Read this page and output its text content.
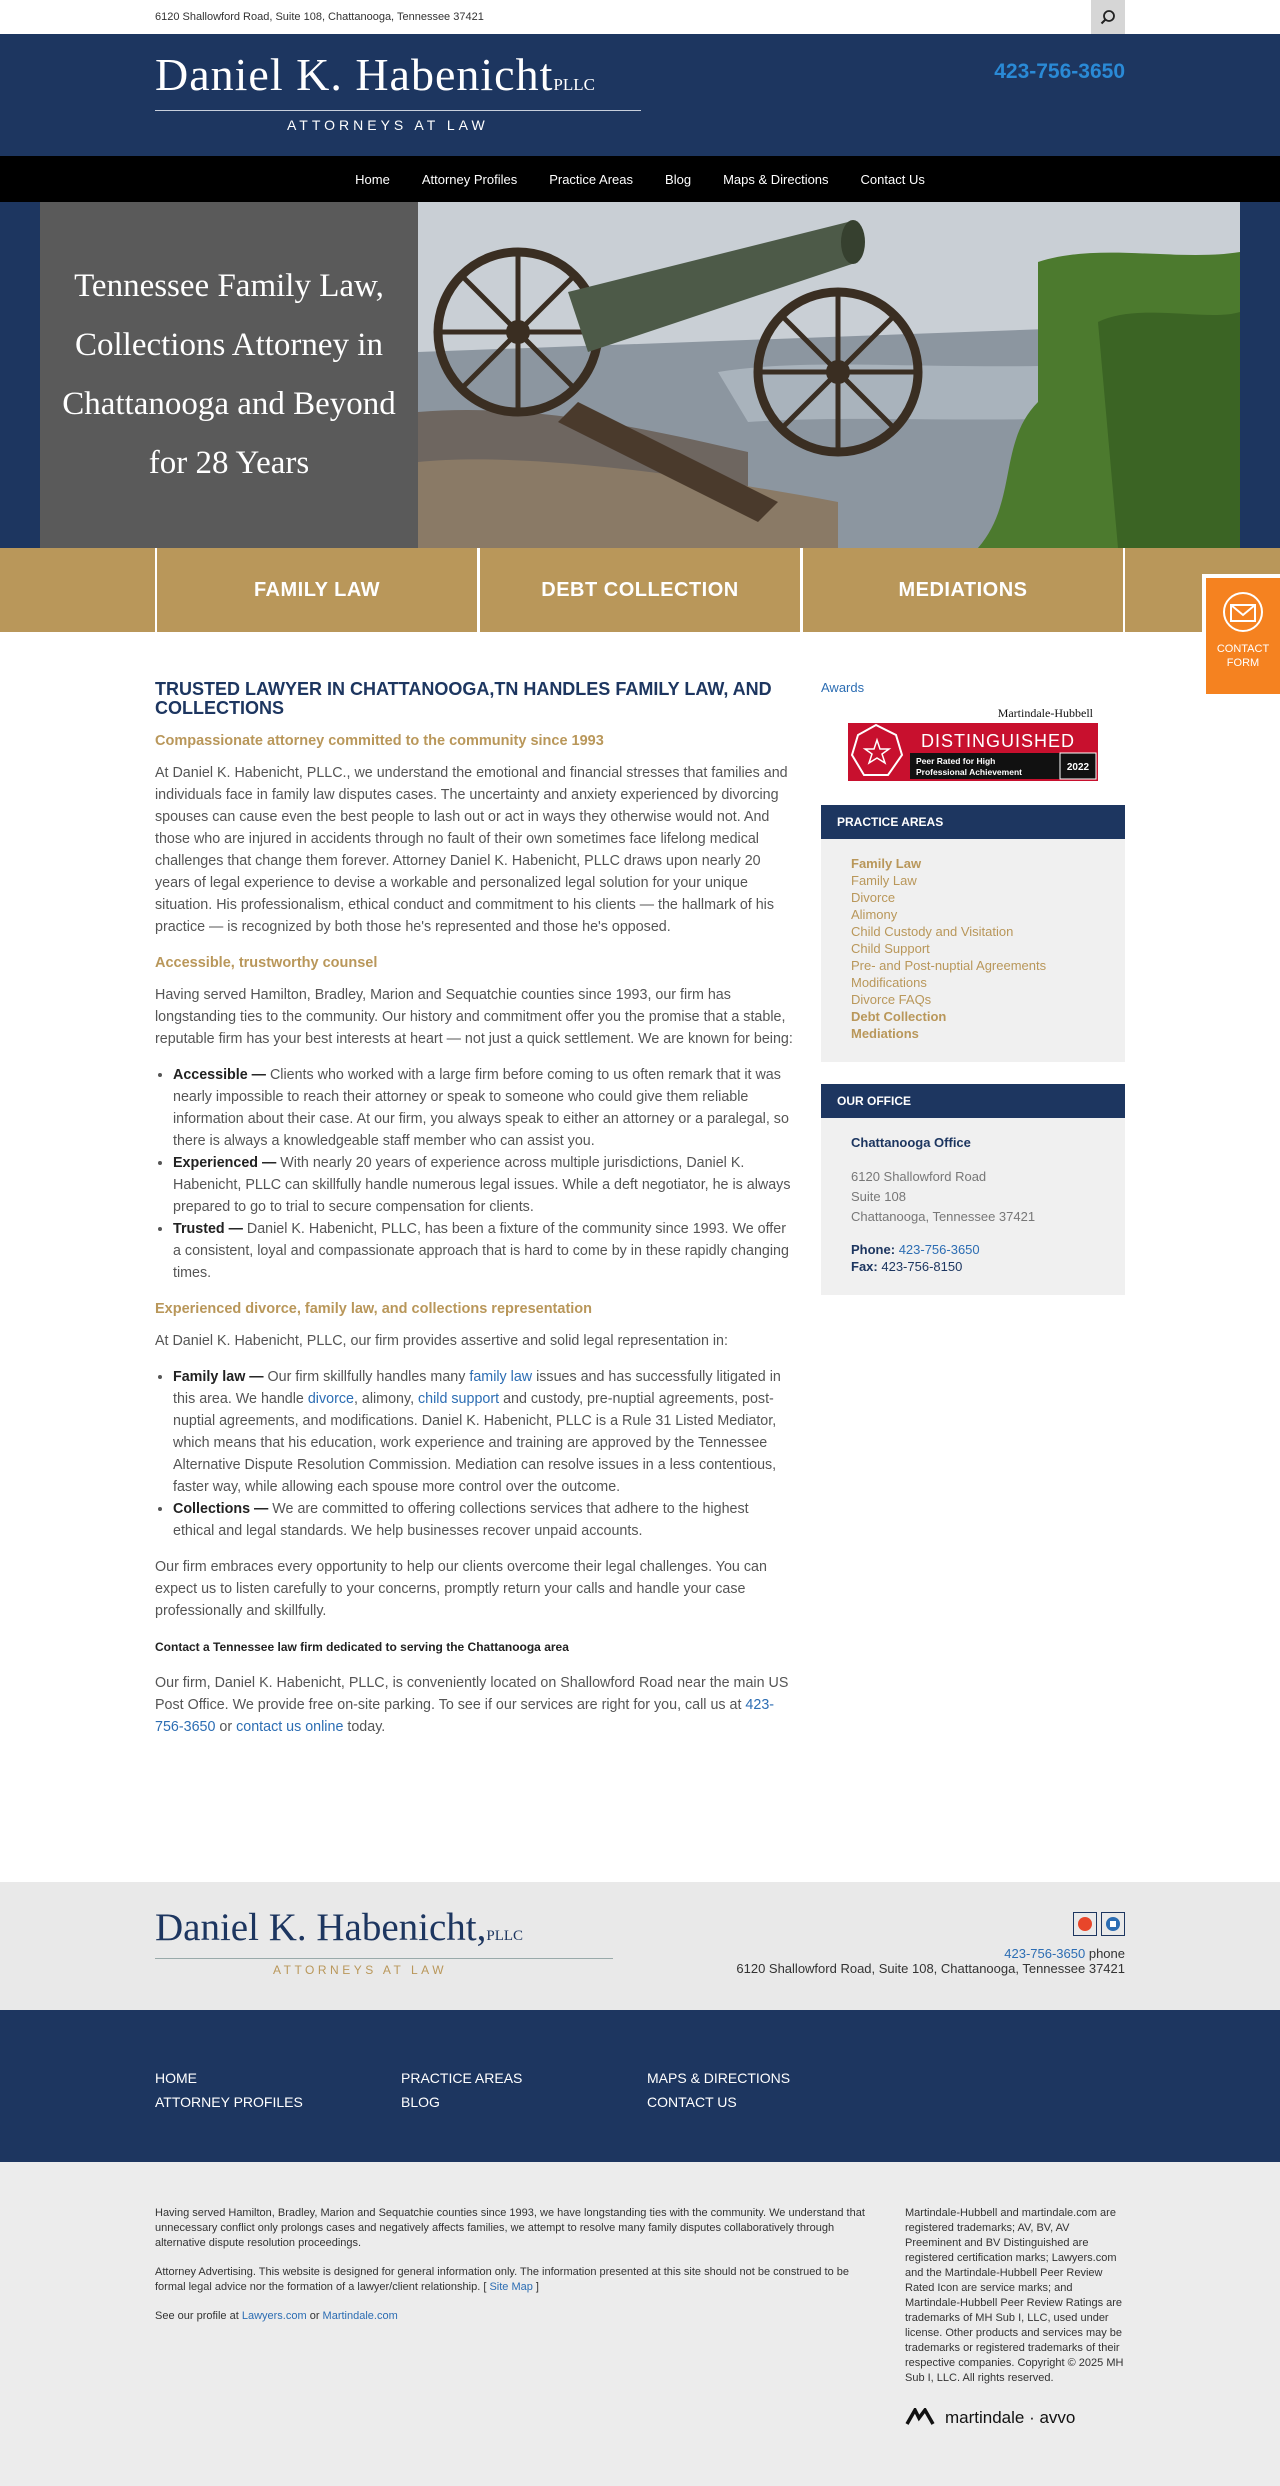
6120 Shallowford Road, Suite 108, Chattanooga, Tennessee 37421
Daniel K. HabenichtPLLC
ATTORNEYS AT LAW
423-756-3650
Home Attorney Profiles Practice Areas Blog Maps & Directions Contact Us
Tennessee Family Law, Collections Attorney in Chattanooga and Beyond for 28 Years
FAMILY LAW	DEBT COLLECTION	MEDIATIONS
CONTACT
FORM
TRUSTED LAWYER IN CHATTANOOGA,TN HANDLES FAMILY LAW, AND COLLECTIONS
Compassionate attorney committed to the community since 1993

At Daniel K. Habenicht, PLLC., we understand the emotional and financial stresses that families and individuals face in family law disputes cases. The uncertainty and anxiety experienced by divorcing spouses can cause even the best people to lash out or act in ways they otherwise would not. And those who are injured in accidents through no fault of their own sometimes face lifelong medical challenges that change them forever. Attorney Daniel K. Habenicht, PLLC draws upon nearly 20 years of legal experience to devise a workable and personalized legal solution for your unique situation. His professionalism, ethical conduct and commitment to his clients — the hallmark of his practice — is recognized by both those he's represented and those he's opposed.

Accessible, trustworthy counsel

Having served Hamilton, Bradley, Marion and Sequatchie counties since 1993, our firm has longstanding ties to the community. Our history and commitment offer you the promise that a stable, reputable firm has your best interests at heart — not just a quick settlement. We are known for being:

• Accessible — Clients who worked with a large firm before coming to us often remark that it was nearly impossible to reach their attorney or speak to someone who could give them reliable information about their case. At our firm, you always speak to either an attorney or a paralegal, so there is always a knowledgeable staff member who can assist you.
• Experienced — With nearly 20 years of experience across multiple jurisdictions, Daniel K. Habenicht, PLLC can skillfully handle numerous legal issues. While a deft negotiator, he is always prepared to go to trial to secure compensation for clients.
• Trusted — Daniel K. Habenicht, PLLC, has been a fixture of the community since 1993. We offer a consistent, loyal and compassionate approach that is hard to come by in these rapidly changing times.
Experienced divorce, family law, and collections representation

At Daniel K. Habenicht, PLLC, our firm provides assertive and solid legal representation in:

• Family law — Our firm skillfully handles many family law issues and has successfully litigated in this area. We handle divorce, alimony, child support and custody, pre-nuptial agreements, post-nuptial agreements, and modifications. Daniel K. Habenicht, PLLC is a Rule 31 Listed Mediator, which means that his education, work experience and training are approved by the Tennessee Alternative Dispute Resolution Commission. Mediation can resolve issues in a less contentious, faster way, while allowing each spouse more control over the outcome.
• Collections — We are committed to offering collections services that adhere to the highest ethical and legal standards. We help businesses recover unpaid accounts.

Our firm embraces every opportunity to help our clients overcome their legal challenges. You can expect us to listen carefully to your concerns, promptly return your calls and handle your case professionally and skillfully.

Contact a Tennessee law firm dedicated to serving the Chattanooga area

Our firm, Daniel K. Habenicht, PLLC, is conveniently located on Shallowford Road near the main US Post Office. We provide free on-site parking. To see if our services are right for you, call us at 423-756-3650 or contact us online today.

Awards
Martindale-Hubbell
DISTINGUISHED
Peer Rated for High
Professional Achievement	2022
PRACTICE AREAS
Family Law
Family Law
Divorce
Alimony
Child Custody and Visitation
Child Support
Pre- and Post-nuptial Agreements
Modifications
Divorce FAQs
Debt Collection
Mediations
OUR OFFICE
Chattanooga Office

6120 Shallowford Road

Suite 108

Chattanooga, Tennessee 37421

Phone: 423-756-3650
Fax: 423-756-8150
Daniel K. Habenicht,PLLC
ATTORNEYS AT LAW
423-756-3650 phone
6120 Shallowford Road, Suite 108, Chattanooga, Tennessee 37421
HOME
ATTORNEY PROFILES
PRACTICE AREAS
BLOG
MAPS & DIRECTIONS
CONTACT US

Having served Hamilton, Bradley, Marion and Sequatchie counties since 1993, we have longstanding ties with the community. We understand that unnecessary conflict only prolongs cases and negatively affects families, we attempt to resolve many family disputes collaboratively through alternative dispute resolution proceedings.

Attorney Advertising. This website is designed for general information only. The information presented at this site should not be construed to be formal legal advice nor the formation of a lawyer/client relationship. [ Site Map ]

See our profile at Lawyers.com or Martindale.com

Martindale-Hubbell and martindale.com are registered trademarks; AV, BV, AV Preeminent and BV Distinguished are registered certification marks; Lawyers.com and the Martindale-Hubbell Peer Review Rated Icon are service marks; and Martindale-Hubbell Peer Review Ratings are trademarks of MH Sub I, LLC, used under license. Other products and services may be trademarks or registered trademarks of their respective companies. Copyright © 2025 MH Sub I, LLC. All rights reserved.
martindale · avvo
